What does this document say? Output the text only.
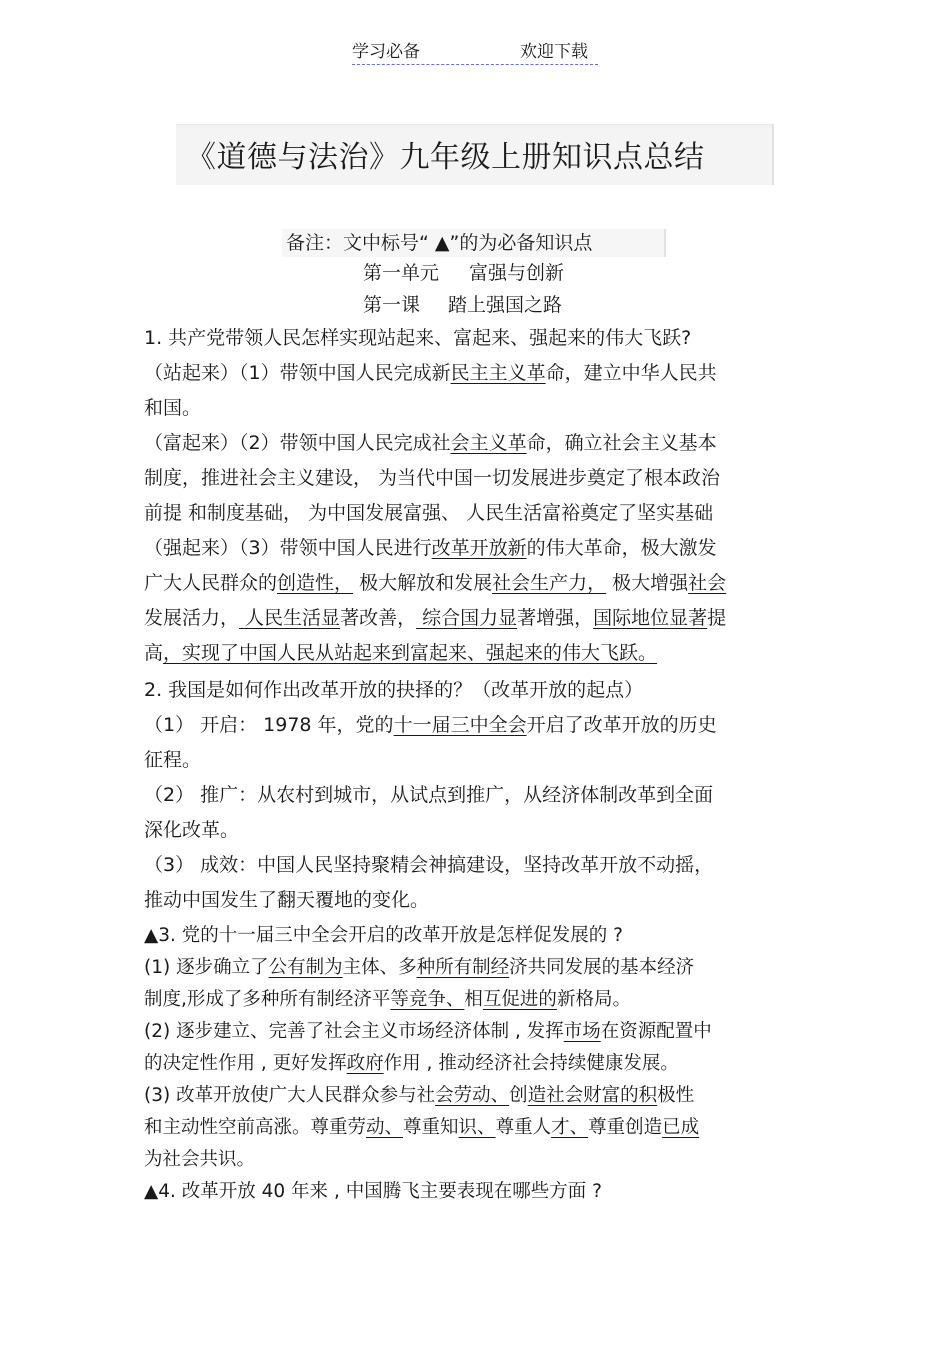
学习必备	欢迎下载
《道德与法治》九年级上册知识点总结
备注：文中标号“ ▲”的为必备知识点
第一单元 富强与创新
第一课 踏上强国之路
1. 共产党带领人民怎样实现站起来、富起来、强起来的伟大飞跃?
（站起来）（1）带领中国人民完成新民主主义革命，建立中华人民共
和国。
（富起来）（2）带领中国人民完成社会主义革命，确立社会主义基本
制度，推进社会主义建设， 为当代中国一切发展进步奠定了根本政治
前提 和制度基础， 为中国发展富强、 人民生活富裕奠定了坚实基础
（强起来）（3）带领中国人民进行改革开放新的伟大革命，极大激发
广大人民群众的创造性， 极大解放和发展社会生产力， 极大增强社会
发展活力， 人民生活显著改善， 综合国力显著增强，国际地位显著提
高，实现了中国人民从站起来到富起来、强起来的伟大飞跃。
2. 我国是如何作出改革开放的抉择的？（改革开放的起点）
（1） 开启： 1978 年，党的十一届三中全会开启了改革开放的历史
征程。
（2） 推广：从农村到城市，从试点到推广，从经济体制改革到全面
深化改革。
（3） 成效：中国人民坚持聚精会神搞建设，坚持改革开放不动摇，
推动中国发生了翻天覆地的变化。
▲3. 党的十一届三中全会开启的改革开放是怎样促发展的 ?
(1) 逐步确立了公有制为主体、多种所有制经济共同发展的基本经济
制度,形成了多种所有制经济平等竞争、相互促进的新格局。
(2) 逐步建立、完善了社会主义市场经济体制 , 发挥市场在资源配置中
的决定性作用 , 更好发挥政府作用 , 推动经济社会持续健康发展。
(3) 改革开放使广大人民群众参与社会劳动、创造社会财富的积极性
和主动性空前高涨。尊重劳动、尊重知识、尊重人才、尊重创造已成
为社会共识。
▲4. 改革开放 40 年来 , 中国腾飞主要表现在哪些方面 ?
